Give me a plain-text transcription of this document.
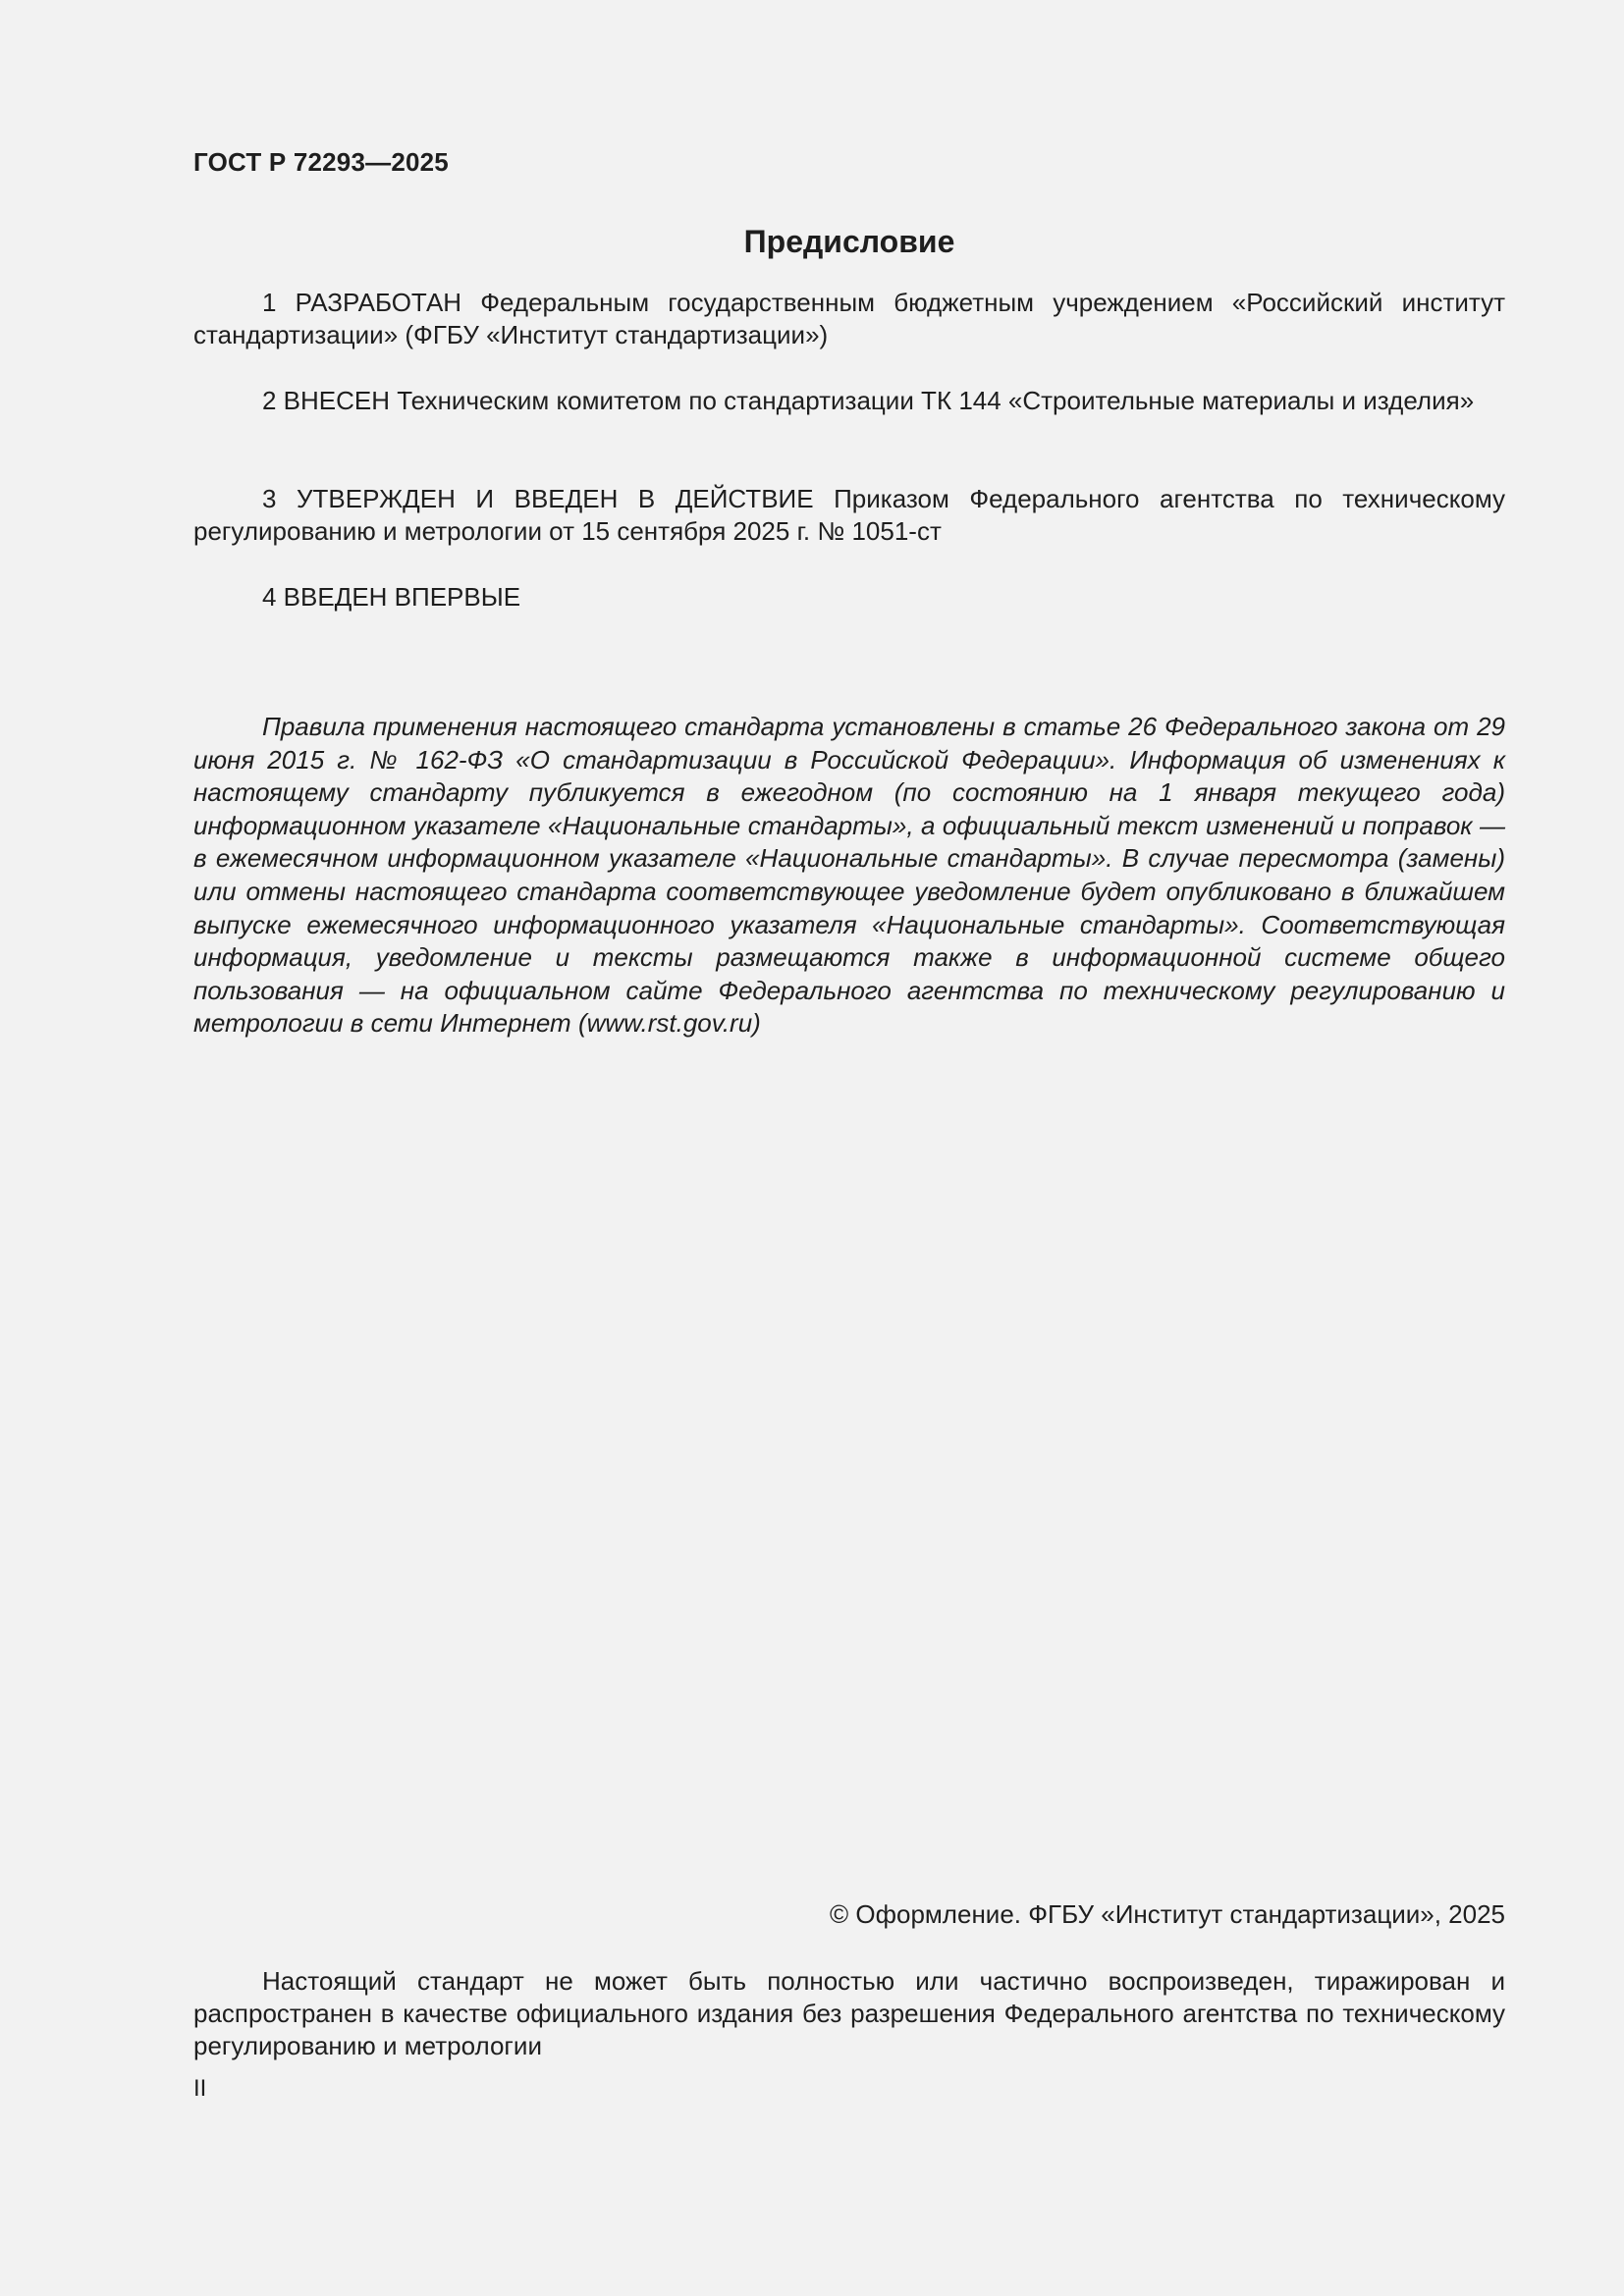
ГОСТ Р 72293—2025
Предисловие

1 РАЗРАБОТАН Федеральным государственным бюджетным учреждением «Российский институт стандартизации» (ФГБУ «Институт стандартизации»)

2 ВНЕСЕН Техническим комитетом по стандартизации ТК 144 «Строительные материалы и изделия»

3 УТВЕРЖДЕН И ВВЕДЕН В ДЕЙСТВИЕ Приказом Федерального агентства по техническому регулированию и метрологии от 15 сентября 2025 г. № 1051-ст

4 ВВЕДЕН ВПЕРВЫЕ

Правила применения настоящего стандарта установлены в статье 26 Федерального закона от 29 июня 2015 г. № 162-ФЗ «О стандартизации в Российской Федерации». Информация об изменениях к настоящему стандарту публикуется в ежегодном (по состоянию на 1 января текущего года) информационном указателе «Национальные стандарты», а официальный текст изменений и поправок — в ежемесячном информационном указателе «Национальные стандарты». В случае пересмотра (замены) или отмены настоящего стандарта соответствующее уведомление будет опубликовано в ближайшем выпуске ежемесячного информационного указателя «Национальные стандарты». Соответствующая информация, уведомление и тексты размещаются также в информационной системе общего пользования — на официальном сайте Федерального агентства по техническому регулированию и метрологии в сети Интернет (www.rst.gov.ru)

© Оформление. ФГБУ «Институт стандартизации», 2025

Настоящий стандарт не может быть полностью или частично воспроизведен, тиражирован и распространен в качестве официального издания без разрешения Федерального агентства по техническому регулированию и метрологии

II
